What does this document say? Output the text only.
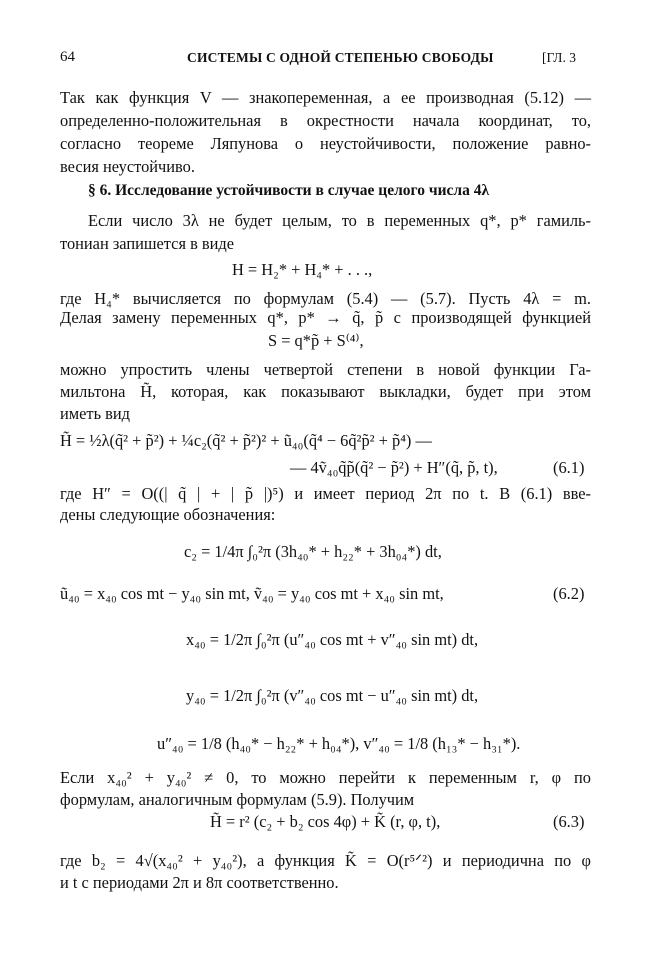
64	СИСТЕМЫ С ОДНОЙ СТЕПЕНЬЮ СВОБОДЫ	[ГЛ. 3
Так как функция V — знакопеременная, а ее производная (5.12) —
определенно-положительная в окрестности начала координат, то,
согласно теореме Ляпунова о неустойчивости, положение равно-
весия неустойчиво.
§ 6. Исследование устойчивости в случае целого числа 4λ
Если число 3λ не будет целым, то в переменных q*, p* гамиль-
тониан запишется в виде
H = H₂* + H₄* + . . .,
где H₄* вычисляется по формулам (5.4) — (5.7). Пусть 4λ = m.
Делая замену переменных q*, p* → q̃, p̃ с производящей функцией
S = q*p̃ + S⁽⁴⁾,
можно упростить члены четвертой степени в новой функции Га-
мильтона H̃, которая, как показывают выкладки, будет при этом
иметь вид
H̃ = ½λ(q̃² + p̃²) + ¼c₂(q̃² + p̃²)² + ũ₄₀(q̃⁴ − 6q̃²p̃² + p̃⁴) —
— 4ṽ₄₀q̃p̃(q̃² − p̃²) + H″(q̃, p̃, t),	(6.1)
где H″ = O((| q̃ | + | p̃ |)⁵) и имеет период 2π по t. В (6.1) вве-
дены следующие обозначения:
c₂ = 1/4π ∫₀²π (3h₄₀* + h₂₂* + 3h₀₄*) dt,
ũ₄₀ = x₄₀ cos mt − y₄₀ sin mt, ṽ₄₀ = y₄₀ cos mt + x₄₀ sin mt,	(6.2)
x₄₀ = 1/2π ∫₀²π (u″₄₀ cos mt + v″₄₀ sin mt) dt,
y₄₀ = 1/2π ∫₀²π (v″₄₀ cos mt − u″₄₀ sin mt) dt,
u″₄₀ = 1/8 (h₄₀* − h₂₂* + h₀₄*), v″₄₀ = 1/8 (h₁₃* − h₃₁*).
Если x₄₀² + y₄₀² ≠ 0, то можно перейти к переменным r, φ по
формулам, аналогичным формулам (5.9). Получим
H̃ = r² (c₂ + b₂ cos 4φ) + K̃ (r, φ, t),	(6.3)
где b₂ = 4√(x₄₀² + y₄₀²), а функция K̃ = O(r⁵ᐟ²) и периодична по φ
и t с периодами 2π и 8π соответственно.
